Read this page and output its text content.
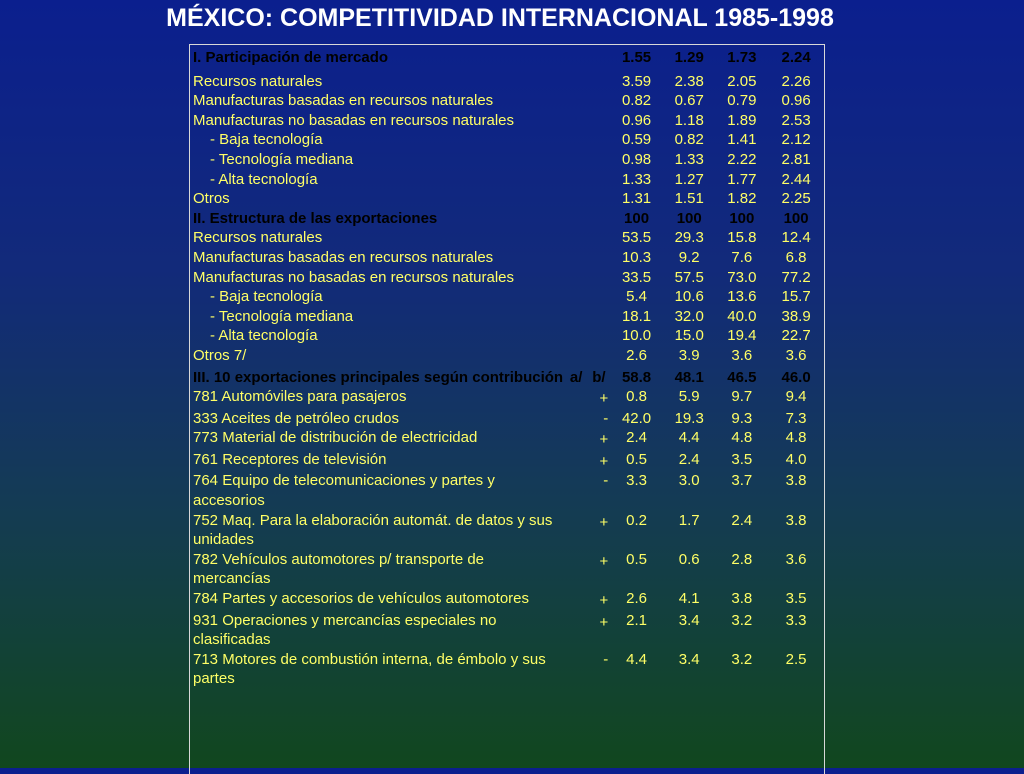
MÉXICO: COMPETITIVIDAD INTERNACIONAL 1985-1998
I. Participación de mercado			1.55	1.29	1.73	2.24
Recursos naturales			3.59	2.38	2.05	2.26
Manufacturas basadas en recursos naturales			0.82	0.67	0.79	0.96
Manufacturas no basadas en recursos naturales			0.96	1.18	1.89	2.53
- Baja tecnología			0.59	0.82	1.41	2.12
- Tecnología mediana			0.98	1.33	2.22	2.81
- Alta tecnología			1.33	1.27	1.77	2.44
Otros			1.31	1.51	1.82	2.25
II. Estructura de las exportaciones			100	100	100	100
Recursos naturales			53.5	29.3	15.8	12.4
Manufacturas basadas en recursos naturales			10.3	9.2	7.6	6.8
Manufacturas no basadas en recursos naturales			33.5	57.5	73.0	77.2
- Baja tecnología			5.4	10.6	13.6	15.7
- Tecnología mediana			18.1	32.0	40.0	38.9
- Alta tecnología			10.0	15.0	19.4	22.7
Otros 7/			2.6	3.9	3.6	3.6
III. 10 exportaciones principales según contribución	a/	b/	58.8	48.1	46.5	46.0
781 Automóviles para pasajeros		+	0.8	5.9	9.7	9.4
333 Aceites de petróleo crudos		-	42.0	19.3	9.3	7.3
773 Material de distribución de electricidad		+	2.4	4.4	4.8	4.8
761 Receptores de televisión		+	0.5	2.4	3.5	4.0
764 Equipo de telecomunicaciones y partes y accesorios		-	3.3	3.0	3.7	3.8
752 Maq. Para la elaboración automát. de datos y sus unidades		+	0.2	1.7	2.4	3.8
782 Vehículos automotores p/ transporte de mercancías		+	0.5	0.6	2.8	3.6
784 Partes y accesorios de vehículos automotores		+	2.6	4.1	3.8	3.5
931 Operaciones y mercancías especiales no clasificadas		+	2.1	3.4	3.2	3.3
713 Motores de combustión interna, de émbolo y sus partes		-	4.4	3.4	3.2	2.5
